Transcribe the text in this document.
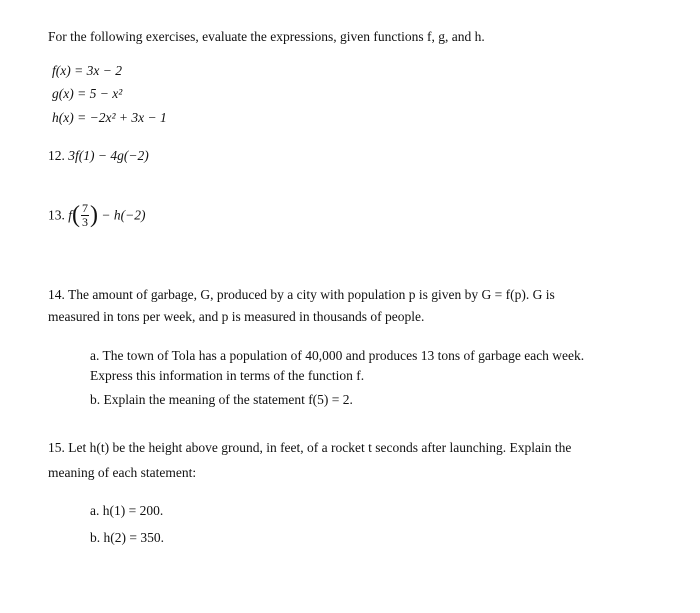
For the following exercises, evaluate the expressions, given functions f, g, and h.
f(x) = 3x − 2
g(x) = 5 − x²
h(x) = −2x² + 3x − 1
12. 3f(1) − 4g(−2)
13. $f( \frac{7}{3}$ ) − h(−2)
14. The amount of garbage, G, produced by a city with population p is given by G = f(p). G is
measured in tons per week, and p is measured in thousands of people.
a. The town of Tola has a population of 40,000 and produces 13 tons of garbage each week.
Express this information in terms of the function f.
b. Explain the meaning of the statement f(5) = 2.
15. Let h(t) be the height above ground, in feet, of a rocket t seconds after launching. Explain the
meaning of each statement:
a. h(1) = 200.
b. h(2) = 350.
